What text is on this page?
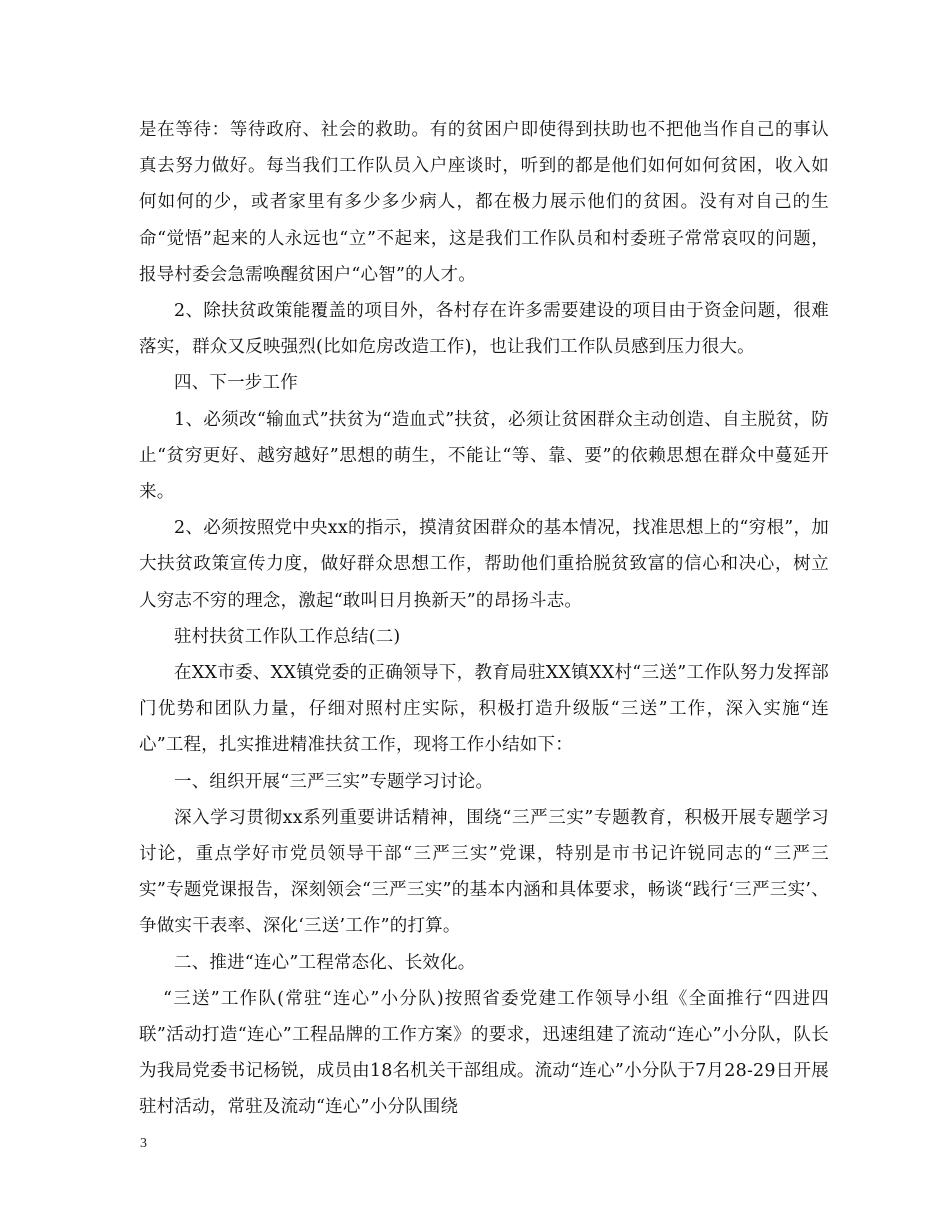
是在等待：等待政府、社会的救助。有的贫困户即使得到扶助也不把他当作自己的事认真去努力做好。每当我们工作队员入户座谈时，听到的都是他们如何如何贫困，收入如何如何的少，或者家里有多少多少病人，都在极力展示他们的贫困。没有对自己的生命“觉悟”起来的人永远也“立”不起来，这是我们工作队员和村委班子常常哀叹的问题，报导村委会急需唤醒贫困户“心智”的人才。

2、除扶贫政策能覆盖的项目外，各村存在许多需要建设的项目由于资金问题，很难落实，群众又反映强烈(比如危房改造工作)，也让我们工作队员感到压力很大。

四、下一步工作

1、必须改“输血式”扶贫为“造血式”扶贫，必须让贫困群众主动创造、自主脱贫，防止“贫穷更好、越穷越好”思想的萌生，不能让“等、靠、要”的依赖思想在群众中蔓延开来。

2、必须按照党中央xx的指示，摸清贫困群众的基本情况，找准思想上的“穷根”，加大扶贫政策宣传力度，做好群众思想工作，帮助他们重拾脱贫致富的信心和决心，树立人穷志不穷的理念，激起“敢叫日月换新天”的昂扬斗志。

驻村扶贫工作队工作总结(二)

在XX市委、XX镇党委的正确领导下，教育局驻XX镇XX村“三送”工作队努力发挥部门优势和团队力量，仔细对照村庄实际，积极打造升级版“三送”工作，深入实施“连心”工程，扎实推进精准扶贫工作，现将工作小结如下：

一、组织开展“三严三实”专题学习讨论。

深入学习贯彻xx系列重要讲话精神，围绕“三严三实”专题教育，积极开展专题学习讨论，重点学好市党员领导干部“三严三实”党课，特别是市书记许锐同志的“三严三实”专题党课报告，深刻领会“三严三实”的基本内涵和具体要求，畅谈“践行‘三严三实’、争做实干表率、深化‘三送’工作”的打算。

二、推进“连心”工程常态化、长效化。

“三送”工作队(常驻“连心”小分队)按照省委党建工作领导小组《全面推行“四进四联”活动打造“连心”工程品牌的工作方案》的要求，迅速组建了流动“连心”小分队，队长为我局党委书记杨锐，成员由18名机关干部组成。流动“连心”小分队于7月28-29日开展驻村活动，常驻及流动“连心”小分队围绕

3
